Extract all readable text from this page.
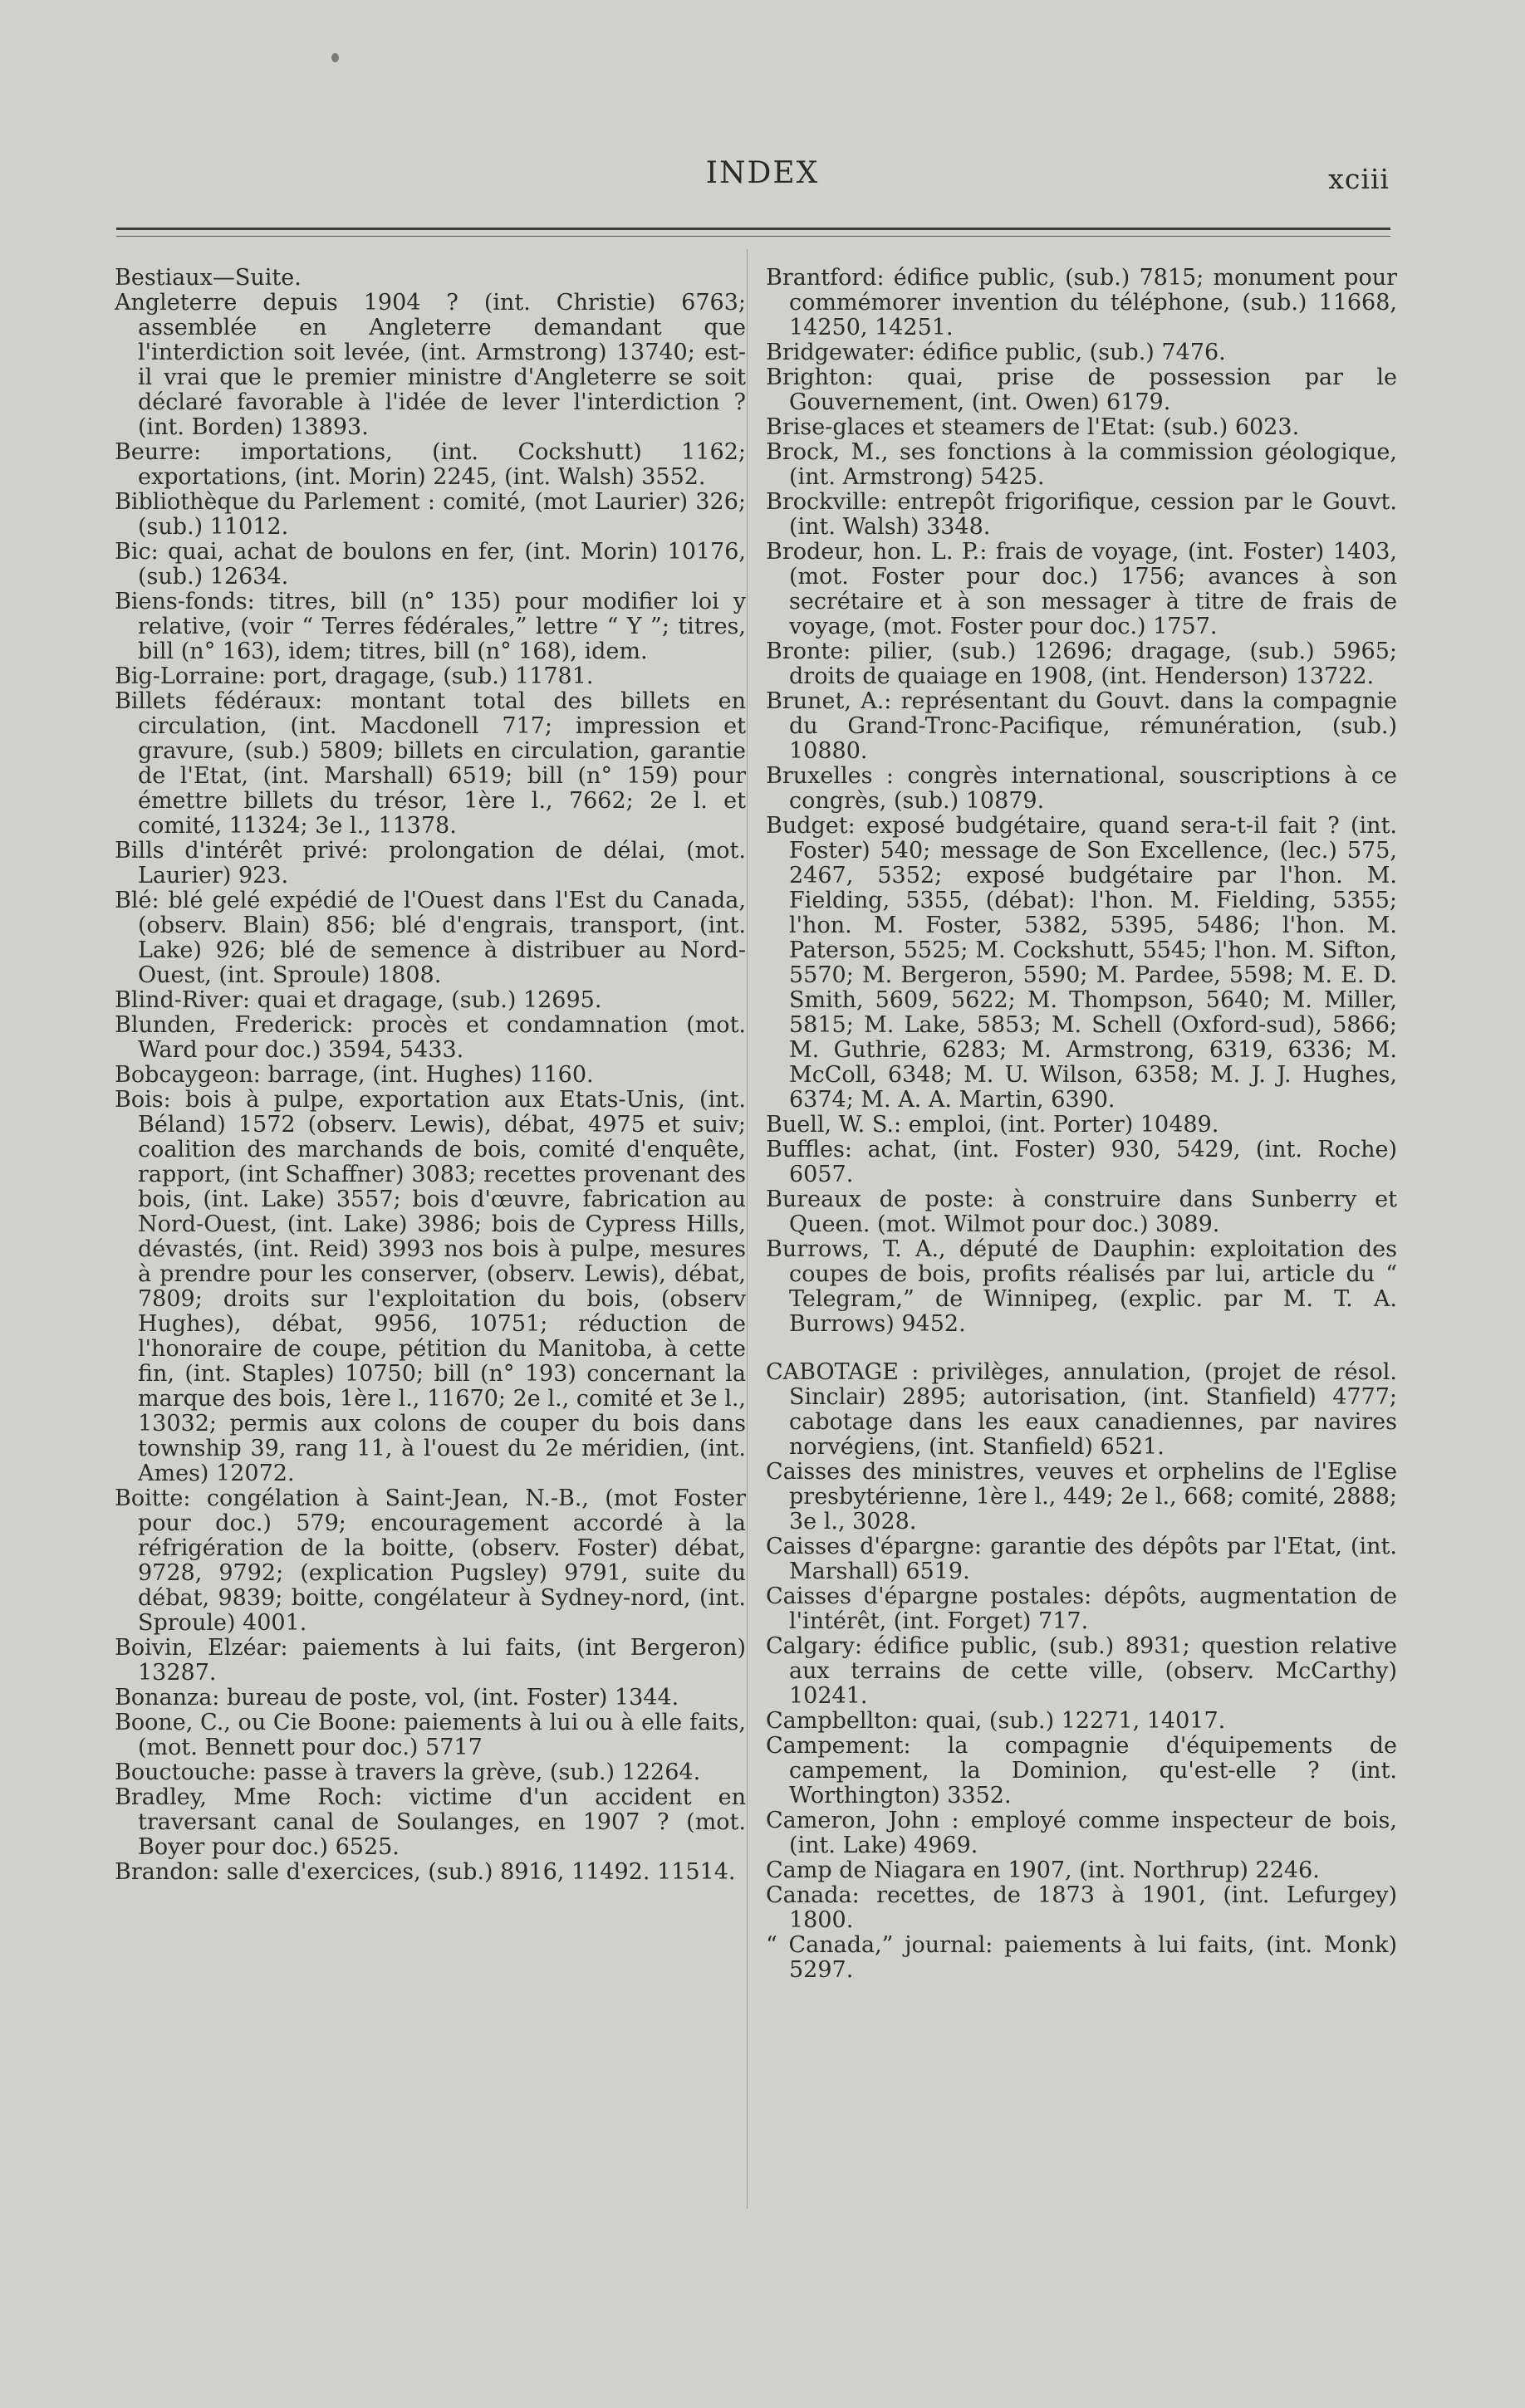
INDEX	xciii
Bestiaux—Suite.
Angleterre depuis 1904 ? (int. Christie) 6763; assemblée en Angleterre demandant que l'interdiction soit levée, (int. Armstrong) 13740; est-il vrai que le premier ministre d'Angleterre se soit déclaré favorable à l'idée de lever l'interdiction ? (int. Borden) 13893.
Beurre: importations, (int. Cockshutt) 1162; exportations, (int. Morin) 2245, (int. Walsh) 3552.
Bibliothèque du Parlement : comité, (mot Laurier) 326; (sub.) 11012.
Bic: quai, achat de boulons en fer, (int. Morin) 10176, (sub.) 12634.
Biens-fonds: titres, bill (n° 135) pour modifier loi y relative, (voir “ Terres fédérales,” lettre “ Y ”; titres, bill (n° 163), idem; titres, bill (n° 168), idem.
Big-Lorraine: port, dragage, (sub.) 11781.
Billets fédéraux: montant total des billets en circulation, (int. Macdonell 717; impression et gravure, (sub.) 5809; billets en circulation, garantie de l'Etat, (int. Marshall) 6519; bill (n° 159) pour émettre billets du trésor, 1ère l., 7662; 2e l. et comité, 11324; 3e l., 11378.
Bills d'intérêt privé: prolongation de délai, (mot. Laurier) 923.
Blé: blé gelé expédié de l'Ouest dans l'Est du Canada, (observ. Blain) 856; blé d'engrais, transport, (int. Lake) 926; blé de semence à distribuer au Nord-Ouest, (int. Sproule) 1808.
Blind-River: quai et dragage, (sub.) 12695.
Blunden, Frederick: procès et condamnation (mot. Ward pour doc.) 3594, 5433.
Bobcaygeon: barrage, (int. Hughes) 1160.
Bois: bois à pulpe, exportation aux Etats-Unis, (int. Béland) 1572 (observ. Lewis), débat, 4975 et suiv; coalition des marchands de bois, comité d'enquête, rapport, (int Schaffner) 3083; recettes provenant des bois, (int. Lake) 3557; bois d'œuvre, fabrication au Nord-Ouest, (int. Lake) 3986; bois de Cypress Hills, dévastés, (int. Reid) 3993 nos bois à pulpe, mesures à prendre pour les conserver, (observ. Lewis), débat, 7809; droits sur l'exploitation du bois, (observ Hughes), débat, 9956, 10751; réduction de l'honoraire de coupe, pétition du Manitoba, à cette fin, (int. Staples) 10750; bill (n° 193) concernant la marque des bois, 1ère l., 11670; 2e l., comité et 3e l., 13032; permis aux colons de couper du bois dans township 39, rang 11, à l'ouest du 2e méridien, (int. Ames) 12072.
Boitte: congélation à Saint-Jean, N.-B., (mot Foster pour doc.) 579; encouragement accordé à la réfrigération de la boitte, (observ. Foster) débat, 9728, 9792; (explication Pugsley) 9791, suite du débat, 9839; boitte, congélateur à Sydney-nord, (int. Sproule) 4001.
Boivin, Elzéar: paiements à lui faits, (int Bergeron) 13287.
Bonanza: bureau de poste, vol, (int. Foster) 1344.
Boone, C., ou Cie Boone: paiements à lui ou à elle faits, (mot. Bennett pour doc.) 5717
Bouctouche: passe à travers la grève, (sub.) 12264.
Bradley, Mme Roch: victime d'un accident en traversant canal de Soulanges, en 1907 ? (mot. Boyer pour doc.) 6525.
Brandon: salle d'exercices, (sub.) 8916, 11492. 11514.
Brantford: édifice public, (sub.) 7815; monument pour commémorer invention du téléphone, (sub.) 11668, 14250, 14251.
Bridgewater: édifice public, (sub.) 7476.
Brighton: quai, prise de possession par le Gouvernement, (int. Owen) 6179.
Brise-glaces et steamers de l'Etat: (sub.) 6023.
Brock, M., ses fonctions à la commission géologique, (int. Armstrong) 5425.
Brockville: entrepôt frigorifique, cession par le Gouvt. (int. Walsh) 3348.
Brodeur, hon. L. P.: frais de voyage, (int. Foster) 1403, (mot. Foster pour doc.) 1756; avances à son secrétaire et à son messager à titre de frais de voyage, (mot. Foster pour doc.) 1757.
Bronte: pilier, (sub.) 12696; dragage, (sub.) 5965; droits de quaiage en 1908, (int. Henderson) 13722.
Brunet, A.: représentant du Gouvt. dans la compagnie du Grand-Tronc-Pacifique, rémunération, (sub.) 10880.
Bruxelles : congrès international, souscriptions à ce congrès, (sub.) 10879.
Budget: exposé budgétaire, quand sera-t-il fait ? (int. Foster) 540; message de Son Excellence, (lec.) 575, 2467, 5352; exposé budgétaire par l'hon. M. Fielding, 5355, (débat): l'hon. M. Fielding, 5355; l'hon. M. Foster, 5382, 5395, 5486; l'hon. M. Paterson, 5525; M. Cockshutt, 5545; l'hon. M. Sifton, 5570; M. Bergeron, 5590; M. Pardee, 5598; M. E. D. Smith, 5609, 5622; M. Thompson, 5640; M. Miller, 5815; M. Lake, 5853; M. Schell (Oxford-sud), 5866; M. Guthrie, 6283; M. Armstrong, 6319, 6336; M. McColl, 6348; M. U. Wilson, 6358; M. J. J. Hughes, 6374; M. A. A. Martin, 6390.
Buell, W. S.: emploi, (int. Porter) 10489.
Buffles: achat, (int. Foster) 930, 5429, (int. Roche) 6057.
Bureaux de poste: à construire dans Sunberry et Queen. (mot. Wilmot pour doc.) 3089.
Burrows, T. A., député de Dauphin: exploitation des coupes de bois, profits réalisés par lui, article du “ Telegram,” de Winnipeg, (explic. par M. T. A. Burrows) 9452.
CABOTAGE : privilèges, annulation, (projet de résol. Sinclair) 2895; autorisation, (int. Stanfield) 4777; cabotage dans les eaux canadiennes, par navires norvégiens, (int. Stanfield) 6521.
Caisses des ministres, veuves et orphelins de l'Eglise presbytérienne, 1ère l., 449; 2e l., 668; comité, 2888; 3e l., 3028.
Caisses d'épargne: garantie des dépôts par l'Etat, (int. Marshall) 6519.
Caisses d'épargne postales: dépôts, augmentation de l'intérêt, (int. Forget) 717.
Calgary: édifice public, (sub.) 8931; question relative aux terrains de cette ville, (observ. McCarthy) 10241.
Campbellton: quai, (sub.) 12271, 14017.
Campement: la compagnie d'équipements de campement, la Dominion, qu'est-elle ? (int. Worthington) 3352.
Cameron, John : employé comme inspecteur de bois, (int. Lake) 4969.
Camp de Niagara en 1907, (int. Northrup) 2246.
Canada: recettes, de 1873 à 1901, (int. Lefurgey) 1800.
“ Canada,” journal: paiements à lui faits, (int. Monk) 5297.
